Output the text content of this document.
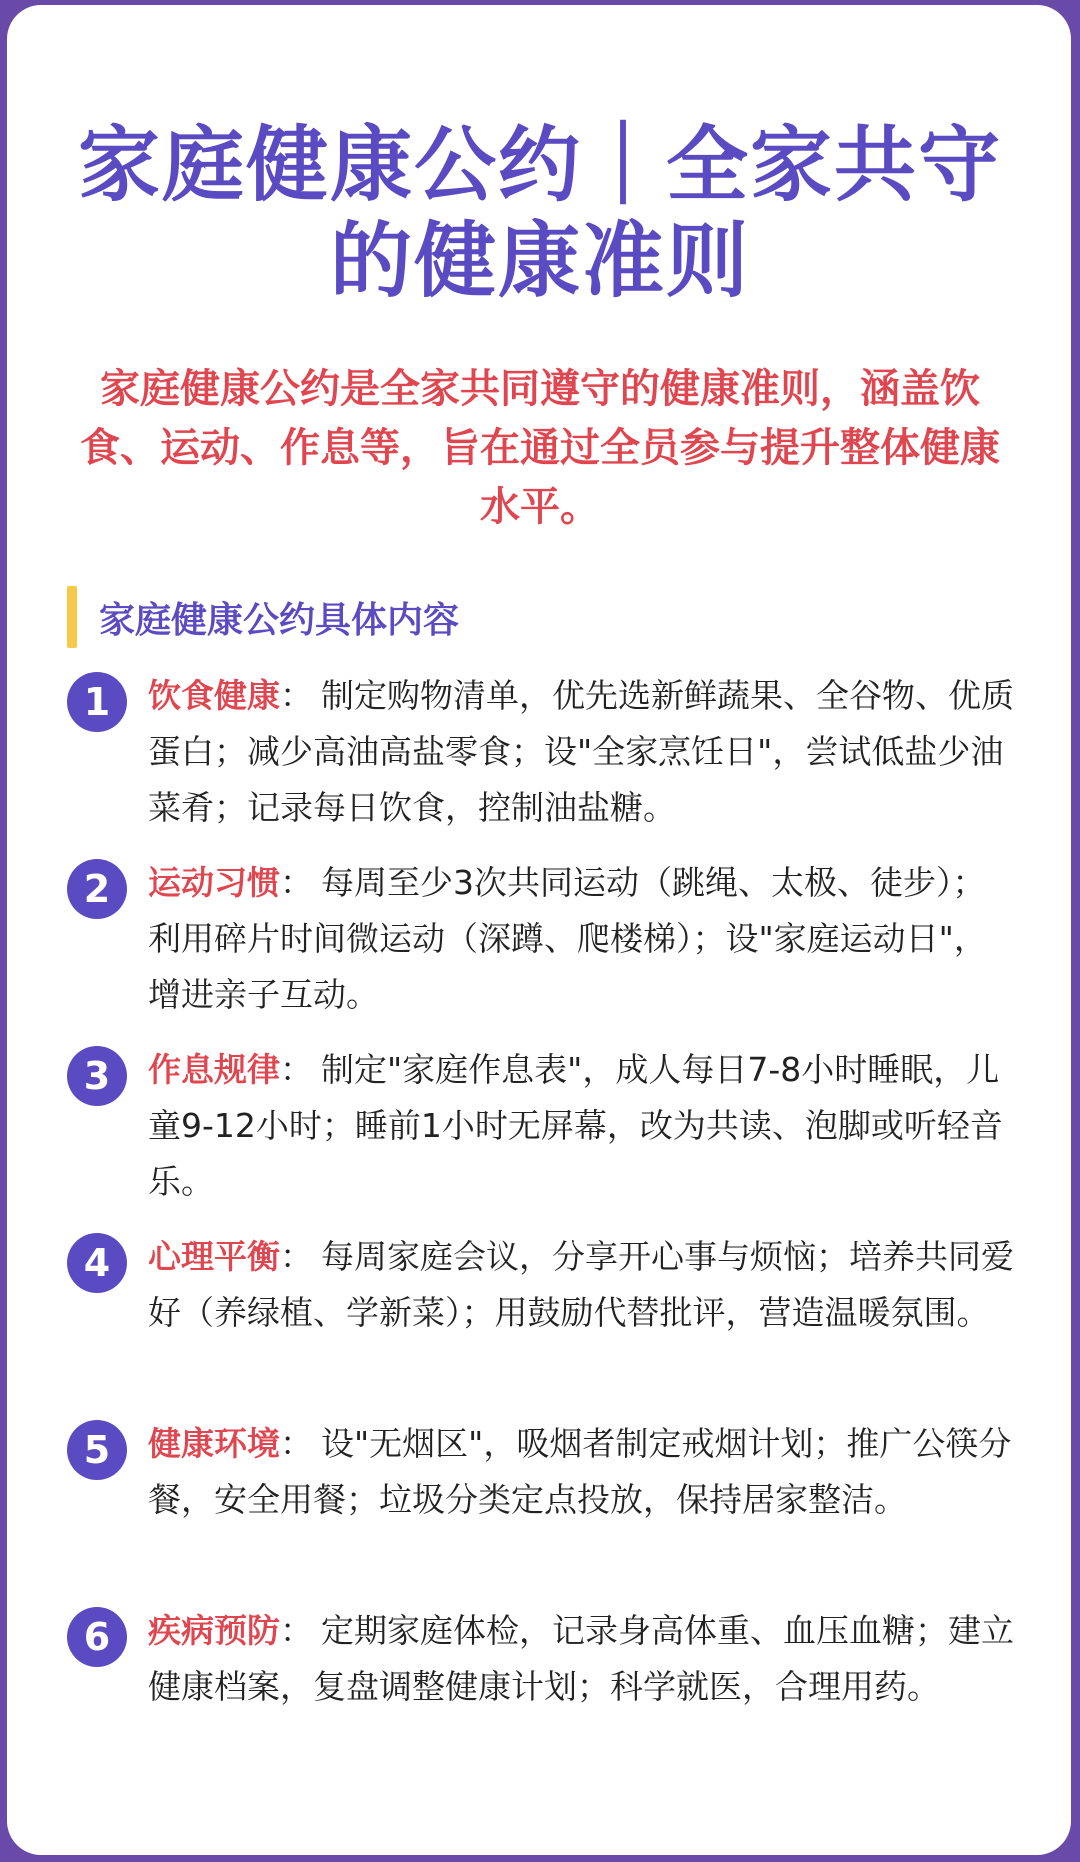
家庭健康公约｜全家共守
的健康准则
家庭健康公约是全家共同遵守的健康准则，涵盖饮食、运动、作息等，旨在通过全员参与提升整体健康水平。
家庭健康公约具体内容
1	饮食健康： 制定购物清单，优先选新鲜蔬果、全谷物、优质蛋白；减少高油高盐零食；设"全家烹饪日"，尝试低盐少油菜肴；记录每日饮食，控制油盐糖。
2	运动习惯： 每周至少3次共同运动（跳绳、太极、徒步）；利用碎片时间微运动（深蹲、爬楼梯）；设"家庭运动日"，增进亲子互动。
3	作息规律： 制定"家庭作息表"，成人每日7-8小时睡眠，儿童9-12小时；睡前1小时无屏幕，改为共读、泡脚或听轻音乐。
4	心理平衡： 每周家庭会议，分享开心事与烦恼；培养共同爱好（养绿植、学新菜）；用鼓励代替批评，营造温暖氛围。
5	健康环境： 设"无烟区"，吸烟者制定戒烟计划；推广公筷分餐，安全用餐；垃圾分类定点投放，保持居家整洁。
6	疾病预防： 定期家庭体检，记录身高体重、血压血糖；建立健康档案，复盘调整健康计划；科学就医，合理用药。
